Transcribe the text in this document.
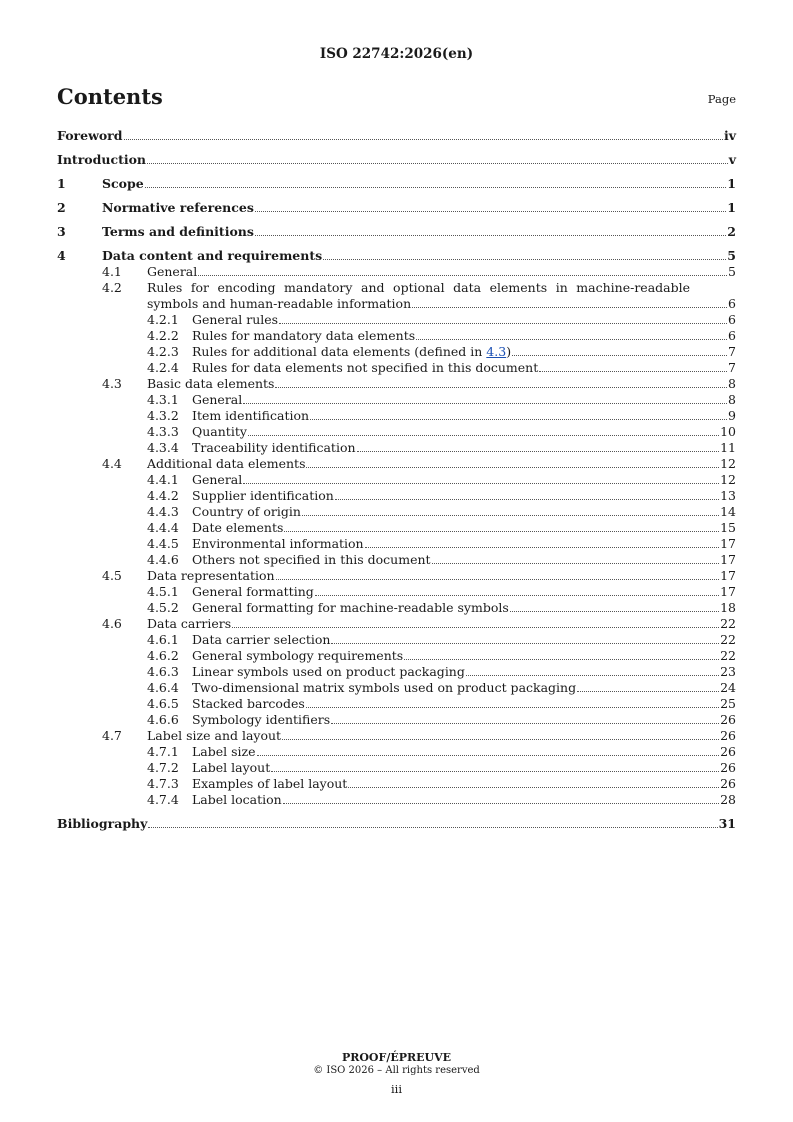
ISO 22742:2026(en)
Contents	Page
Foreword	iv
Introduction	v
1	Scope	1
2	Normative references	1
3	Terms and definitions	2
4	Data content and requirements	5
4.1	General	5
4.2	Rules for encoding mandatory and optional data elements in machine-readable
symbols and human-readable information	6
4.2.1	General rules	6
4.2.2	Rules for mandatory data elements	6
4.2.3	Rules for additional data elements (defined in 4.3)	7
4.2.4	Rules for data elements not specified in this document	7
4.3	Basic data elements	8
4.3.1	General	8
4.3.2	Item identification	9
4.3.3	Quantity	10
4.3.4	Traceability identification	11
4.4	Additional data elements	12
4.4.1	General	12
4.4.2	Supplier identification	13
4.4.3	Country of origin	14
4.4.4	Date elements	15
4.4.5	Environmental information	17
4.4.6	Others not specified in this document	17
4.5	Data representation	17
4.5.1	General formatting	17
4.5.2	General formatting for machine-readable symbols	18
4.6	Data carriers	22
4.6.1	Data carrier selection	22
4.6.2	General symbology requirements	22
4.6.3	Linear symbols used on product packaging	23
4.6.4	Two-dimensional matrix symbols used on product packaging	24
4.6.5	Stacked barcodes	25
4.6.6	Symbology identifiers	26
4.7	Label size and layout	26
4.7.1	Label size	26
4.7.2	Label layout	26
4.7.3	Examples of label layout	26
4.7.4	Label location	28
Bibliography	31
PROOF/ÉPREUVE
© ISO 2026 – All rights reserved
iii
